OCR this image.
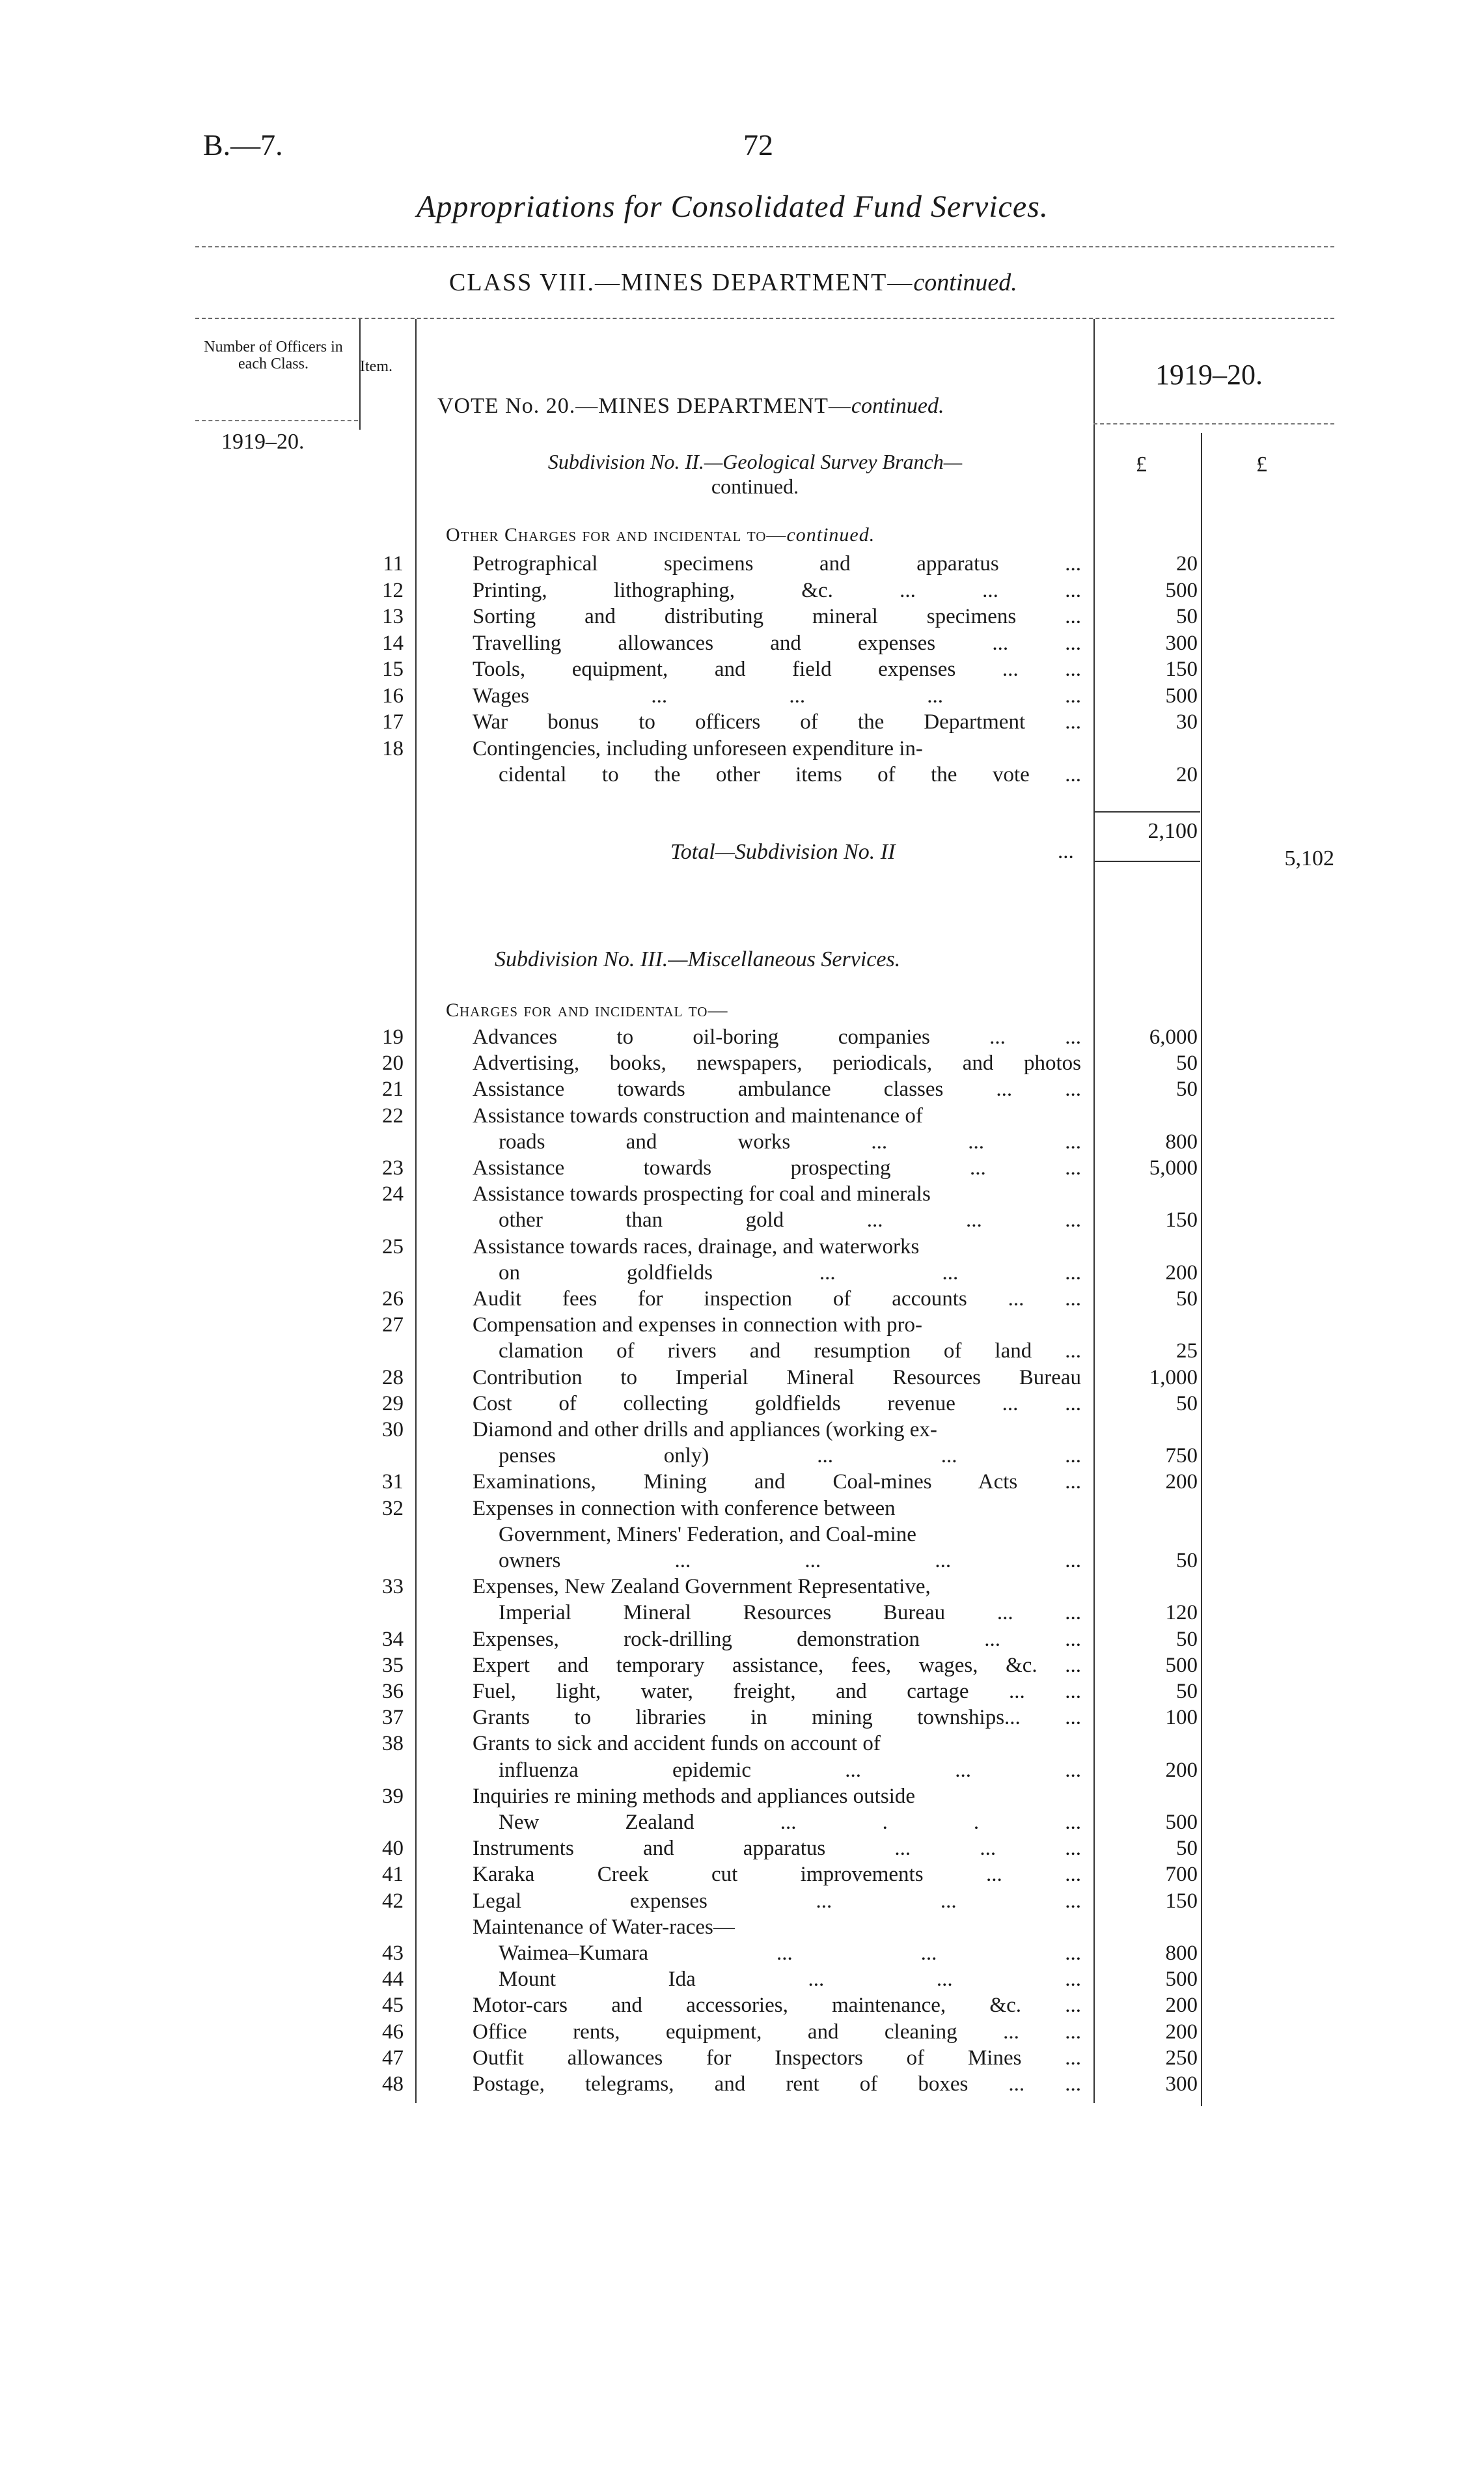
B.—7.	72
Appropriations for Consolidated Fund Services.
CLASS VIII.—MINES DEPARTMENT—continued.
Number of Officers in each Class.	Item.
1919–20.
1919–20.
VOTE No. 20.—MINES DEPARTMENT—continued.
Subdivision No. II.—Geological Survey Branch—
continued.
£	£
Other Charges for and incidental to—continued.
11	Petrographical specimens and apparatus ...	20
12	Printing, lithographing, &c. ... ... ...	500
13	Sorting and distributing mineral specimens ...	50
14	Travelling allowances and expenses ... ...	300
15	Tools, equipment, and field expenses ... ...	150
16	Wages ... ... ... ...	500
17	War bonus to officers of the Department ...	30
18	Contingencies, including unforeseen expenditure in-
cidental to the other items of the vote ...	20
2,100
Total—Subdivision No. II	...	5,102
Subdivision No. III.—Miscellaneous Services.
Charges for and incidental to—
19	Advances to oil-boring companies ... ...	6,000
20	Advertising, books, newspapers, periodicals, and photos	50
21	Assistance towards ambulance classes ... ...	50
22	Assistance towards construction and maintenance of
roads and works ... ... ...	800
23	Assistance towards prospecting ... ...	5,000
24	Assistance towards prospecting for coal and minerals
other than gold ... ... ...	150
25	Assistance towards races, drainage, and waterworks
on goldfields ... ... ...	200
26	Audit fees for inspection of accounts ... ...	50
27	Compensation and expenses in connection with pro-
clamation of rivers and resumption of land ...	25
28	Contribution to Imperial Mineral Resources Bureau	1,000
29	Cost of collecting goldfields revenue ... ...	50
30	Diamond and other drills and appliances (working ex-
penses only) ... ... ...	750
31	Examinations, Mining and Coal-mines Acts ...	200
32	Expenses in connection with conference between
Government, Miners' Federation, and Coal-mine
owners ... ... ... ...	50
33	Expenses, New Zealand Government Representative,
Imperial Mineral Resources Bureau ... ...	120
34	Expenses, rock-drilling demonstration ... ...	50
35	Expert and temporary assistance, fees, wages, &c. ...	500
36	Fuel, light, water, freight, and cartage ... ...	50
37	Grants to libraries in mining townships... ...	100
38	Grants to sick and accident funds on account of
influenza epidemic ... ... ...	200
39	Inquiries re mining methods and appliances outside
New Zealand ... . . ...	500
40	Instruments and apparatus ... ... ...	50
41	Karaka Creek cut improvements ... ...	700
42	Legal expenses ... ... ...	150
Maintenance of Water-races—
43	Waimea–Kumara ... ... ...	800
44	Mount Ida ... ... ...	500
45	Motor-cars and accessories, maintenance, &c. ...	200
46	Office rents, equipment, and cleaning ... ...	200
47	Outfit allowances for Inspectors of Mines ...	250
48	Postage, telegrams, and rent of boxes ... ...	300
